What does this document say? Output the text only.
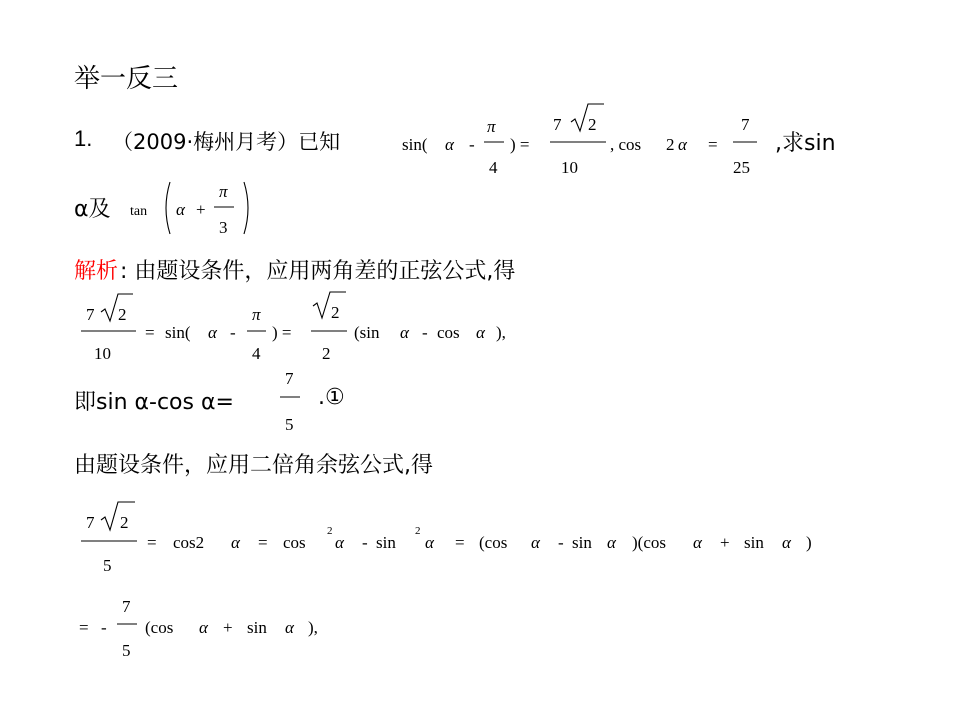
举一反三
1. （2009·梅州月考）已知	,求sin
α及
解析 : 由题设条件，应用两角差的正弦公式,得
即sin α-cos α=	.①
由题设条件，应用二倍角余弦公式,得
sin( α -
π
4
) =
7 2
10
, cos 2 α =
7
25
tan α +
π
3
7 2
10
= sin( α -
π
4
) =
2
2
(sin α - cos α ),
7
5
7 2
5
= cos2 α = cos
2
α - sin
2
α = (cos α - sin α )(cos α + sin α )
= -
7
5
(cos α + sin α ),
